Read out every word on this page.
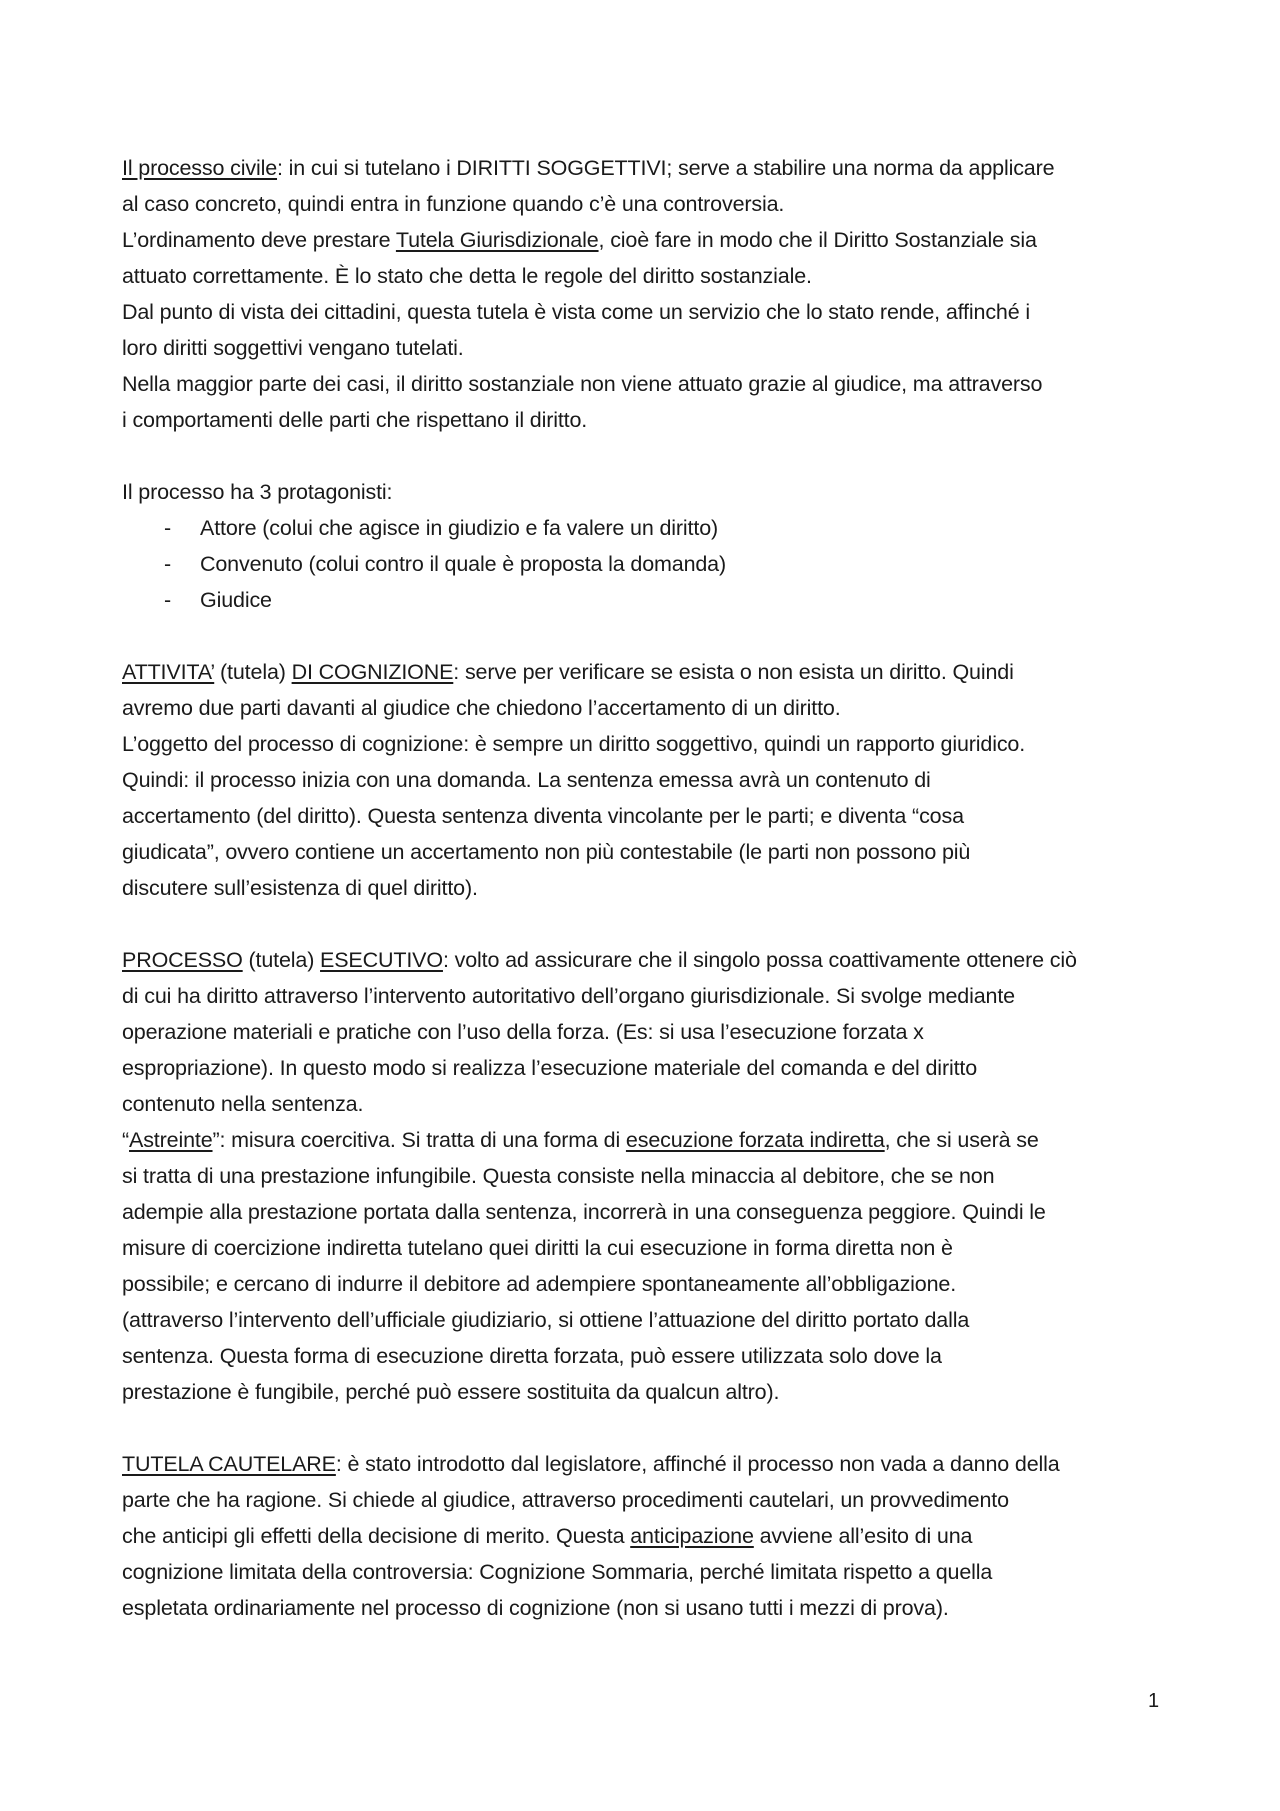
Il processo civile: in cui si tutelano i DIRITTI SOGGETTIVI; serve a stabilire una norma da applicare

al caso concreto, quindi entra in funzione quando c’è una controversia.

L’ordinamento deve prestare Tutela Giurisdizionale, cioè fare in modo che il Diritto Sostanziale sia

attuato correttamente. È lo stato che detta le regole del diritto sostanziale.

Dal punto di vista dei cittadini, questa tutela è vista come un servizio che lo stato rende, affinché i

loro diritti soggettivi vengano tutelati.

Nella maggior parte dei casi, il diritto sostanziale non viene attuato grazie al giudice, ma attraverso

i comportamenti delle parti che rispettano il diritto.

Il processo ha 3 protagonisti:

- Attore (colui che agisce in giudizio e fa valere un diritto)
- Convenuto (colui contro il quale è proposta la domanda)
- Giudice

ATTIVITA’ (tutela) DI COGNIZIONE: serve per verificare se esista o non esista un diritto. Quindi

avremo due parti davanti al giudice che chiedono l’accertamento di un diritto.

L’oggetto del processo di cognizione: è sempre un diritto soggettivo, quindi un rapporto giuridico.

Quindi: il processo inizia con una domanda. La sentenza emessa avrà un contenuto di

accertamento (del diritto). Questa sentenza diventa vincolante per le parti; e diventa “cosa

giudicata”, ovvero contiene un accertamento non più contestabile (le parti non possono più

discutere sull’esistenza di quel diritto).

PROCESSO (tutela) ESECUTIVO: volto ad assicurare che il singolo possa coattivamente ottenere ciò

di cui ha diritto attraverso l’intervento autoritativo dell’organo giurisdizionale. Si svolge mediante

operazione materiali e pratiche con l’uso della forza. (Es: si usa l’esecuzione forzata x

espropriazione). In questo modo si realizza l’esecuzione materiale del comanda e del diritto

contenuto nella sentenza.

“Astreinte”: misura coercitiva. Si tratta di una forma di esecuzione forzata indiretta, che si userà se

si tratta di una prestazione infungibile. Questa consiste nella minaccia al debitore, che se non

adempie alla prestazione portata dalla sentenza, incorrerà in una conseguenza peggiore. Quindi le

misure di coercizione indiretta tutelano quei diritti la cui esecuzione in forma diretta non è

possibile; e cercano di indurre il debitore ad adempiere spontaneamente all’obbligazione.

(attraverso l’intervento dell’ufficiale giudiziario, si ottiene l’attuazione del diritto portato dalla

sentenza. Questa forma di esecuzione diretta forzata, può essere utilizzata solo dove la

prestazione è fungibile, perché può essere sostituita da qualcun altro).

TUTELA CAUTELARE: è stato introdotto dal legislatore, affinché il processo non vada a danno della

parte che ha ragione. Si chiede al giudice, attraverso procedimenti cautelari, un provvedimento

che anticipi gli effetti della decisione di merito. Questa anticipazione avviene all’esito di una

cognizione limitata della controversia: Cognizione Sommaria, perché limitata rispetto a quella

espletata ordinariamente nel processo di cognizione (non si usano tutti i mezzi di prova).

1
